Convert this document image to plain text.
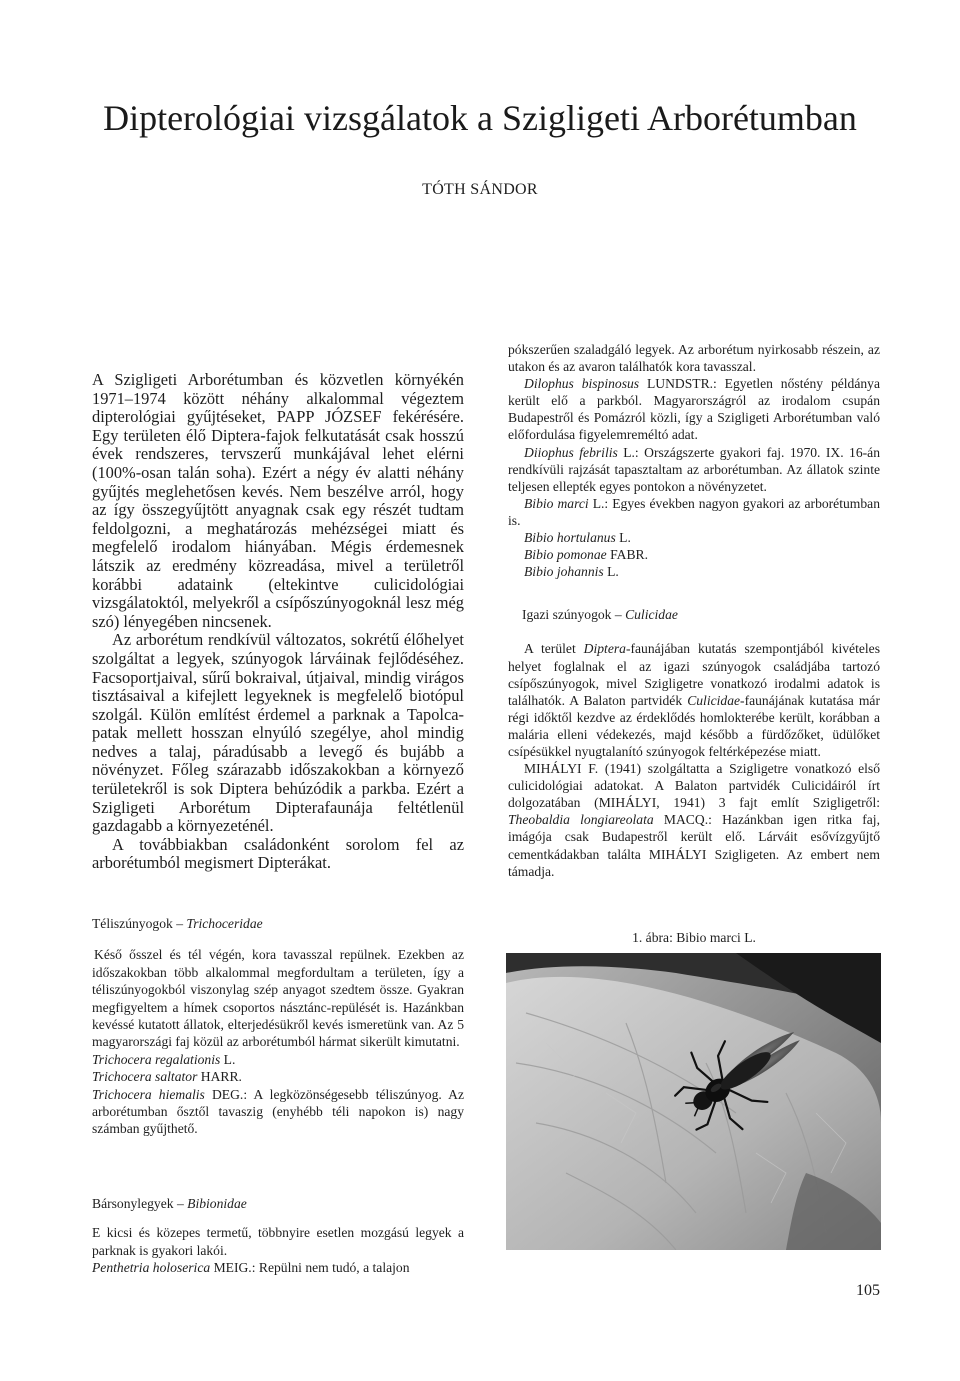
Dipterológiai vizsgálatok a Szigligeti Arborétumban
TÓTH SÁNDOR

A Szigligeti Arborétumban és közvetlen környékén 1971–1974 között néhány alkalommal végeztem dipterológiai gyűjtéseket, PAPP JÓZSEF fekérésére. Egy területen élő Diptera-fajok felkutatását csak hosszú évek rendszeres, tervszerű munkájával lehet elérni (100%-osan talán soha). Ezért a négy év alatti néhány gyűjtés meglehetősen kevés. Nem beszélve arról, hogy az így összegyűjtött anyagnak csak egy részét tudtam feldolgozni, a meghatározás mehézségei miatt és megfelelő irodalom hiányában. Mégis érdemesnek látszik az eredmény közreadása, mivel a területről korábbi adataink (eltekintve culicidológiai vizsgálatoktól, melyekről a csípőszúnyogoknál lesz még szó) lényegében nincsenek.

Az arborétum rendkívül változatos, sokrétű élőhelyet szolgáltat a legyek, szúnyogok lárváinak fejlődéséhez. Facsoportjaival, sűrű bokraival, útjaival, mindig virágos tisztásaival a kifejlett legyeknek is megfelelő biotópul szolgál. Külön említést érdemel a parknak a Tapolca-patak mellett hosszan elnyúló szegélye, ahol mindig nedves a talaj, páradúsabb a levegő és bujább a növényzet. Főleg szárazabb időszakokban a környező területekről is sok Diptera behúzódik a parkba. Ezért a Szigligeti Arborétum Dipterafaunája feltétlenül gazdagabb a környezeténél.

A továbbiakban családonként sorolom fel az arborétumból megismert Dipterákat.

pókszerűen szaladgáló legyek. Az arborétum nyirkosabb részein, az utakon és az avaron találhatók kora tavasszal.

Dilophus bispinosus LUNDSTR.: Egyetlen nőstény példánya került elő a parkból. Magyarországról az irodalom csupán Budapestről és Pomázról közli, így a Szigligeti Arborétumban való előfordulása figyelemreméltó adat.

Diiophus febrilis L.: Országszerte gyakori faj. 1970. IX. 16-án rendkívüli rajzását tapasztaltam az arborétumban. Az állatok szinte teljesen ellepték egyes pontokon a növényzetet.

Bibio marci L.: Egyes években nagyon gyakori az arborétumban is.

Bibio hortulanus L.

Bibio pomonae FABR.

Bibio johannis L.

Igazi szúnyogok – Culicidae

A terület Diptera-faunájában kutatás szempontjából kivételes helyet foglalnak el az igazi szúnyogok családjába tartozó csípőszúnyogok, mivel Szigligetre vonatkozó irodalmi adatok is találhatók. A Balaton partvidék Culicidae-faunájának kutatása már régi időktől kezdve az érdeklődés homlokterébe került, korábban a malária elleni védekezés, majd később a fürdőzőket, üdülőket csípésükkel nyugtalanító szúnyogok feltérképezése miatt.

MIHÁLYI F. (1941) szolgáltatta a Szigligetre vonatkozó első culicidológiai adatokat. A Balaton partvidék Culicidáiról írt dolgozatában (MIHÁLYI, 1941) 3 fajt említ Szigligetről: Theobaldia longiareolata MACQ.: Hazánkban igen ritka faj, imágója csak Budapestről került elő. Lárváit esővízgyűjtő cementkádakban találta MIHÁLYI Szigligeten. Az embert nem támadja.

Téliszúnyogok – Trichoceridae

Késő ősszel és tél végén, kora tavasszal repülnek. Ezekben az időszakokban több alkalommal megfordultam a területen, így a téliszúnyogokból viszonylag szép anyagot szedtem össze. Gyakran megfigyeltem a hímek csoportos násztánc-repülését is. Hazánkban kevéssé kutatott állatok, elterjedésükről kevés ismeretünk van. Az 5 magyarországi faj közül az arborétumból hármat sikerült kimutatni.

Trichocera regalationis L.

Trichocera saltator HARR.

Trichocera hiemalis DEG.: A legközönségesebb téliszúnyog. Az arborétumban ősztől tavaszig (enyhébb téli napokon is) nagy számban gyűjthető.

Bársonylegyek – Bibionidae

E kicsi és közepes termetű, többnyire esetlen mozgású legyek a parknak is gyakori lakói.

Penthetria holoserica MEIG.: Repülni nem tudó, a talajon

1. ábra: Bibio marci L.
105
